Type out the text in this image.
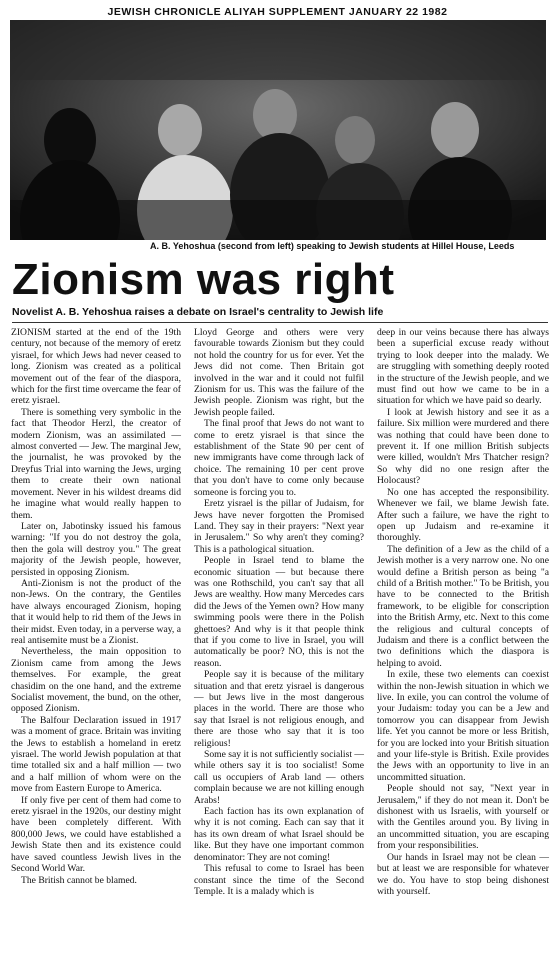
JEWISH CHRONICLE ALIYAH SUPPLEMENT JANUARY 22 1982
A. B. Yehoshua (second from left) speaking to Jewish students at Hillel House, Leeds
Zionism was right
Novelist A. B. Yehoshua raises a debate on Israel's centrality to Jewish life

ZIONISM started at the end of the 19th century, not because of the memory of eretz yisrael, for which Jews had never ceased to long. Zionism was created as a political movement out of the fear of the diaspora, which for the first time overcame the fear of eretz yisrael.

There is something very symbolic in the fact that Theodor Herzl, the creator of modern Zionism, was an assimilated — almost converted — Jew. The marginal Jew, the journalist, he was provoked by the Dreyfus Trial into warning the Jews, urging them to create their own national movement. Never in his wildest dreams did he imagine what would really happen to them.

Later on, Jabotinsky issued his famous warning: "If you do not destroy the gola, then the gola will destroy you." The great majority of the Jewish people, however, persisted in opposing Zionism.

Anti-Zionism is not the product of the non-Jews. On the contrary, the Gentiles have always encouraged Zionism, hoping that it would help to rid them of the Jews in their midst. Even today, in a perverse way, a real antisemite must be a Zionist.

Nevertheless, the main opposition to Zionism came from among the Jews themselves. For example, the great chasidim on the one hand, and the extreme Socialist movement, the bund, on the other, opposed Zionism.

The Balfour Declaration issued in 1917 was a moment of grace. Britain was inviting the Jews to establish a homeland in eretz yisrael. The world Jewish population at that time totalled six and a half million — two and a half million of whom were on the move from Eastern Europe to America.

If only five per cent of them had come to eretz yisrael in the 1920s, our destiny might have been completely different. With 800,000 Jews, we could have established a Jewish State then and its existence could have saved countless Jewish lives in the Second World War.

The British cannot be blamed.

Lloyd George and others were very favourable towards Zionism but they could not hold the country for us for ever. Yet the Jews did not come. Then Britain got involved in the war and it could not fulfil Zionism for us. This was the failure of the Jewish people. Zionism was right, but the Jewish people failed.

The final proof that Jews do not want to come to eretz yisrael is that since the establishment of the State 90 per cent of new immigrants have come through lack of choice. The remaining 10 per cent prove that you don't have to come only because someone is forcing you to.

Eretz yisrael is the pillar of Judaism, for Jews have never forgotten the Promised Land. They say in their prayers: "Next year in Jerusalem." So why aren't they coming? This is a pathological situation.

People in Israel tend to blame the economic situation — but because there was one Rothschild, you can't say that all Jews are wealthy. How many Mercedes cars did the Jews of the Yemen own? How many swimming pools were there in the Polish ghettoes? And why is it that people think that if you come to live in Israel, you will automatically be poor? NO, this is not the reason.

People say it is because of the military situation and that eretz yisrael is dangerous — but Jews live in the most dangerous places in the world. There are those who say that Israel is not religious enough, and there are those who say that it is too religious!

Some say it is not sufficiently socialist — while others say it is too socialist! Some call us occupiers of Arab land — others complain because we are not killing enough Arabs!

Each faction has its own explanation of why it is not coming. Each can say that it has its own dream of what Israel should be like. But they have one important common denominator: They are not coming!

This refusal to come to Israel has been constant since the time of the Second Temple. It is a malady which is

deep in our veins because there has always been a superficial excuse ready without trying to look deeper into the malady. We are struggling with something deeply rooted in the structure of the Jewish people, and we must find out how we came to be in a situation for which we have paid so dearly.

I look at Jewish history and see it as a failure. Six million were murdered and there was nothing that could have been done to prevent it. If one million British subjects were killed, wouldn't Mrs Thatcher resign? So why did no one resign after the Holocaust?

No one has accepted the responsibility. Whenever we fail, we blame Jewish fate. After such a failure, we have the right to open up Judaism and re-examine it thoroughly.

The definition of a Jew as the child of a Jewish mother is a very narrow one. No one would define a British person as being "a child of a British mother." To be British, you have to be connected to the British framework, to be eligible for conscription into the British Army, etc. Next to this come the religious and cultural concepts of Judaism and there is a conflict between the two definitions which the diaspora is helping to avoid.

In exile, these two elements can coexist within the non-Jewish situation in which we live. In exile, you can control the volume of your Judaism: today you can be a Jew and tomorrow you can disappear from Jewish life. Yet you cannot be more or less British, for you are locked into your British situation and your life-style is British. Exile provides the Jews with an opportunity to live in an uncommitted situation.

People should not say, "Next year in Jerusalem," if they do not mean it. Don't be dishonest with us Israelis, with yourself or with the Gentiles around you. By living in an uncommitted situation, you are escaping from your responsibilities.

Our hands in Israel may not be clean — but at least we are responsible for whatever we do. You have to stop being dishonest with yourself.
